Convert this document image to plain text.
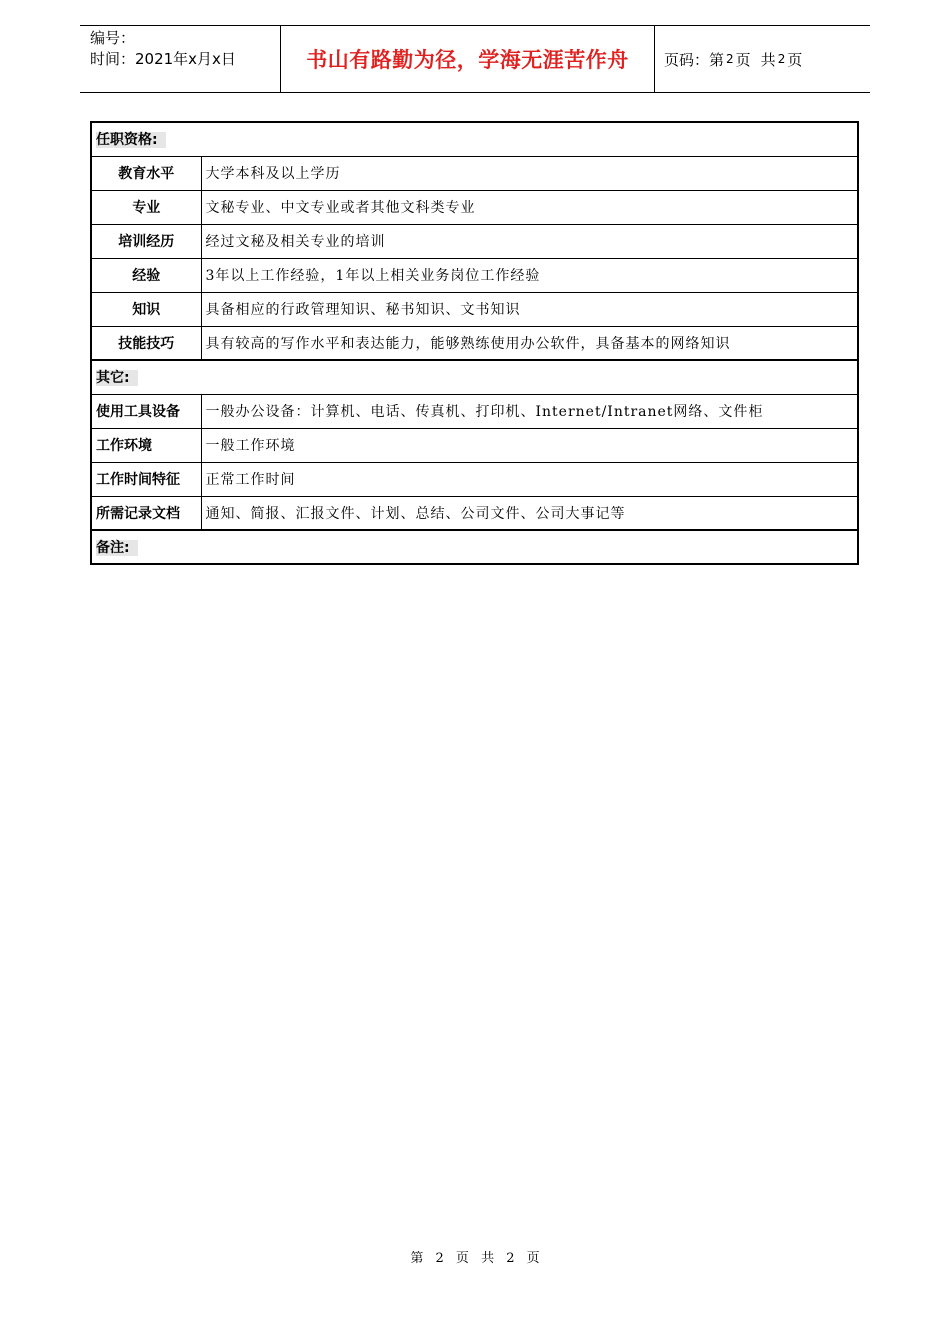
编号：
时间：2021年x月x日	书山有路勤为径，学海无涯苦作舟	页码：第 2 页 共 2 页
任职资格:	
教育水平	大学本科及以上学历
专业	文秘专业、中文专业或者其他文科类专业
培训经历	经过文秘及相关专业的培训
经验	3年以上工作经验，1年以上相关业务岗位工作经验
知识	具备相应的行政管理知识、秘书知识、文书知识
技能技巧	具有较高的写作水平和表达能力，能够熟练使用办公软件，具备基本的网络知识
其它:	
使用工具设备	一般办公设备：计算机、电话、传真机、打印机、Internet/Intranet网络、文件柜
工作环境	一般工作环境
工作时间特征	正常工作时间
所需记录文档	通知、简报、汇报文件、计划、总结、公司文件、公司大事记等
备注:	
第 2 页 共 2 页
